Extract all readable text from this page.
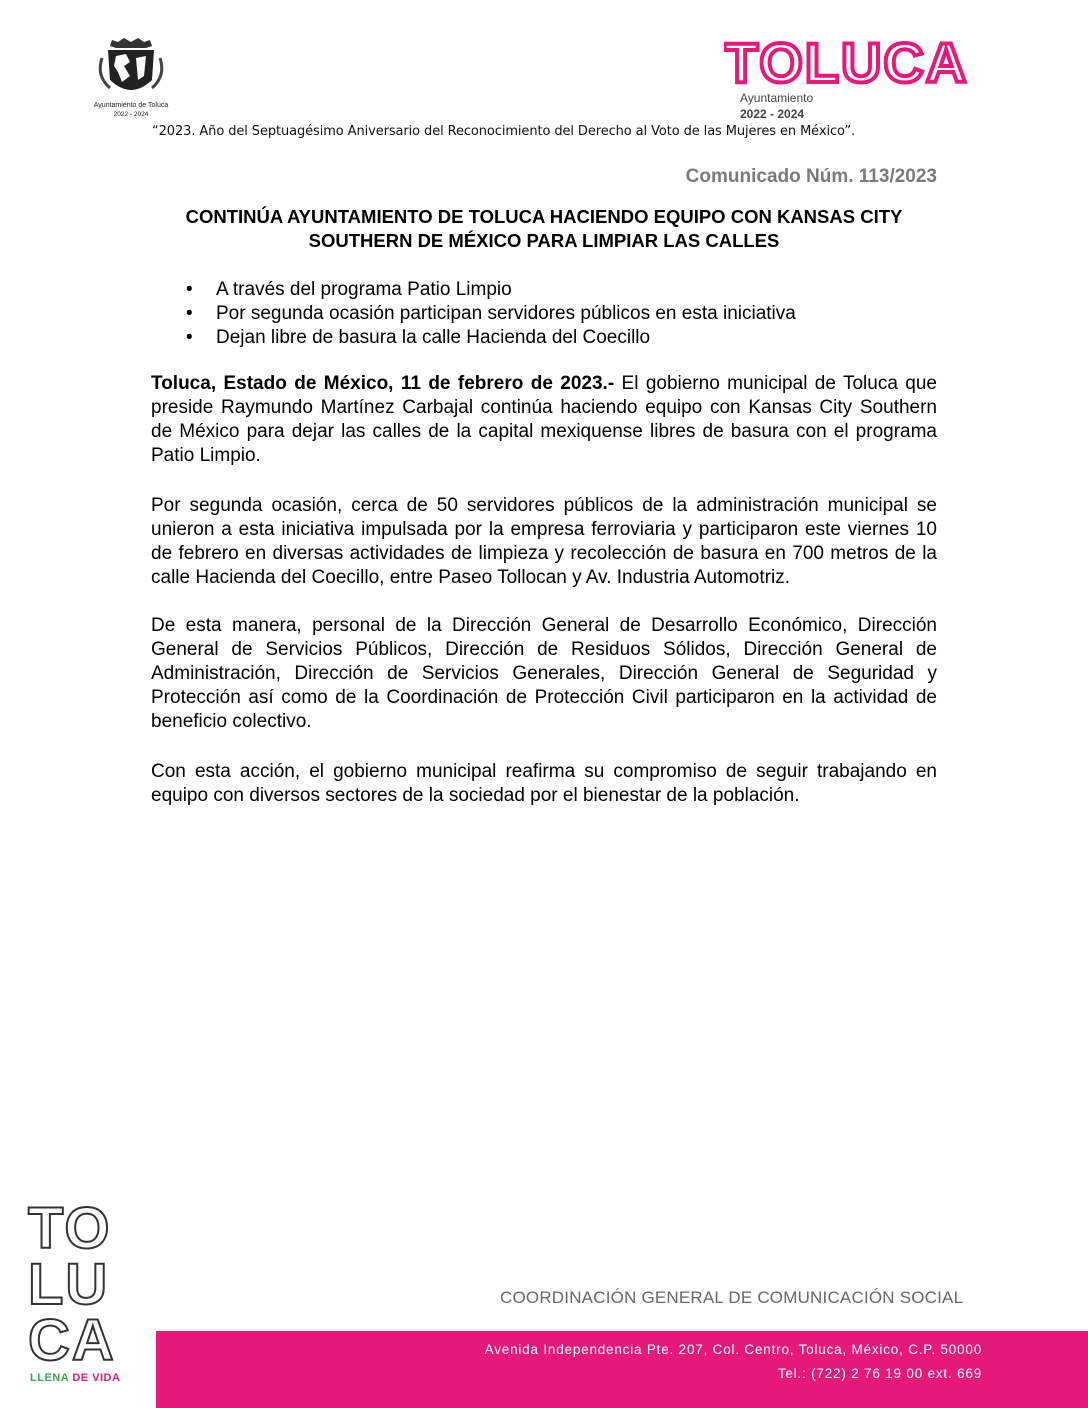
Ayuntamiento de Toluca
2022 - 2024
TOLUCA
Ayuntamiento
2022 - 2024
“2023. Año del Septuagésimo Aniversario del Reconocimiento del Derecho al Voto de las Mujeres en México”.
Comunicado Núm. 113/2023
CONTINÚA AYUNTAMIENTO DE TOLUCA HACIENDO EQUIPO CON KANSAS CITY
SOUTHERN DE MÉXICO PARA LIMPIAR LAS CALLES
• A través del programa Patio Limpio
• Por segunda ocasión participan servidores públicos en esta iniciativa
• Dejan libre de basura la calle Hacienda del Coecillo
Toluca, Estado de México, 11 de febrero de 2023.- El gobierno municipal de Toluca que preside Raymundo Martínez Carbajal continúa haciendo equipo con Kansas City Southern de México para dejar las calles de la capital mexiquense libres de basura con el programa Patio Limpio.
Por segunda ocasión, cerca de 50 servidores públicos de la administración municipal se unieron a esta iniciativa impulsada por la empresa ferroviaria y participaron este viernes 10 de febrero en diversas actividades de limpieza y recolección de basura en 700 metros de la calle Hacienda del Coecillo, entre Paseo Tollocan y Av. Industria Automotriz.
De esta manera, personal de la Dirección General de Desarrollo Económico, Dirección General de Servicios Públicos, Dirección de Residuos Sólidos, Dirección General de Administración, Dirección de Servicios Generales, Dirección General de Seguridad y Protección así como de la Coordinación de Protección Civil participaron en la actividad de beneficio colectivo.
Con esta acción, el gobierno municipal reafirma su compromiso de seguir trabajando en equipo con diversos sectores de la sociedad por el bienestar de la población.
TO
LU
CA
LLENA DE VIDA
COORDINACIÓN GENERAL DE COMUNICACIÓN SOCIAL
Avenida Independencia Pte. 207, Col. Centro, Toluca, México, C.P. 50000
Tel.: (722) 2 76 19 00 ext. 669
